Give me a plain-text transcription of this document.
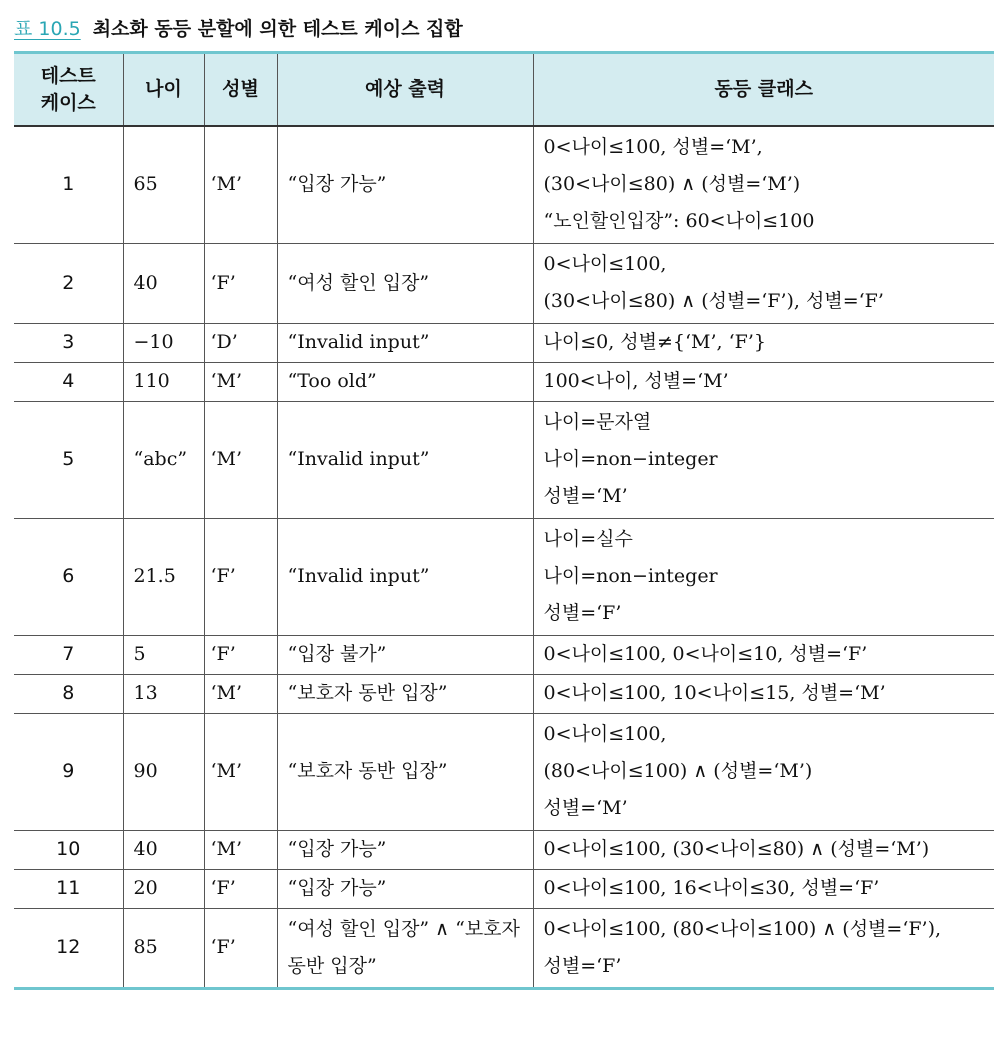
표 10.5 최소화 동등 분할에 의한 테스트 케이스 집합
테스트 케이스	나이	성별	예상 출력	동등 클래스
1	65	‘M’	“입장 가능”	0<나이≤100, 성별=‘M’,
(30<나이≤80) ∧ (성별=‘M’)
“노인할인입장”: 60<나이≤100

2	40	‘F’	“여성 할인 입장”	0<나이≤100,
(30<나이≤80) ∧ (성별=‘F’), 성별=‘F’

3	−10	‘D’	“Invalid input”	나이≤0, 성별≠{‘M’, ‘F’}

4	110	‘M’	“Too old”	100<나이, 성별=‘M’

5	“abc”	‘M’	“Invalid input”	나이=문자열
나이=non−integer
성별=‘M’

6	21.5	‘F’	“Invalid input”	나이=실수
나이=non−integer
성별=‘F’

7	5	‘F’	“입장 불가”	0<나이≤100, 0<나이≤10, 성별=‘F’

8	13	‘M’	“보호자 동반 입장”	0<나이≤100, 10<나이≤15, 성별=‘M’

9	90	‘M’	“보호자 동반 입장”	0<나이≤100,
(80<나이≤100) ∧ (성별=‘M’)
성별=‘M’

10	40	‘M’	“입장 가능”	0<나이≤100, (30<나이≤80) ∧ (성별=‘M’)

11	20	‘F’	“입장 가능”	0<나이≤100, 16<나이≤30, 성별=‘F’

12	85	‘F’	“여성 할인 입장” ∧ “보호자 동반 입장”	0<나이≤100, (80<나이≤100) ∧ (성별=‘F’),
성별=‘F’
